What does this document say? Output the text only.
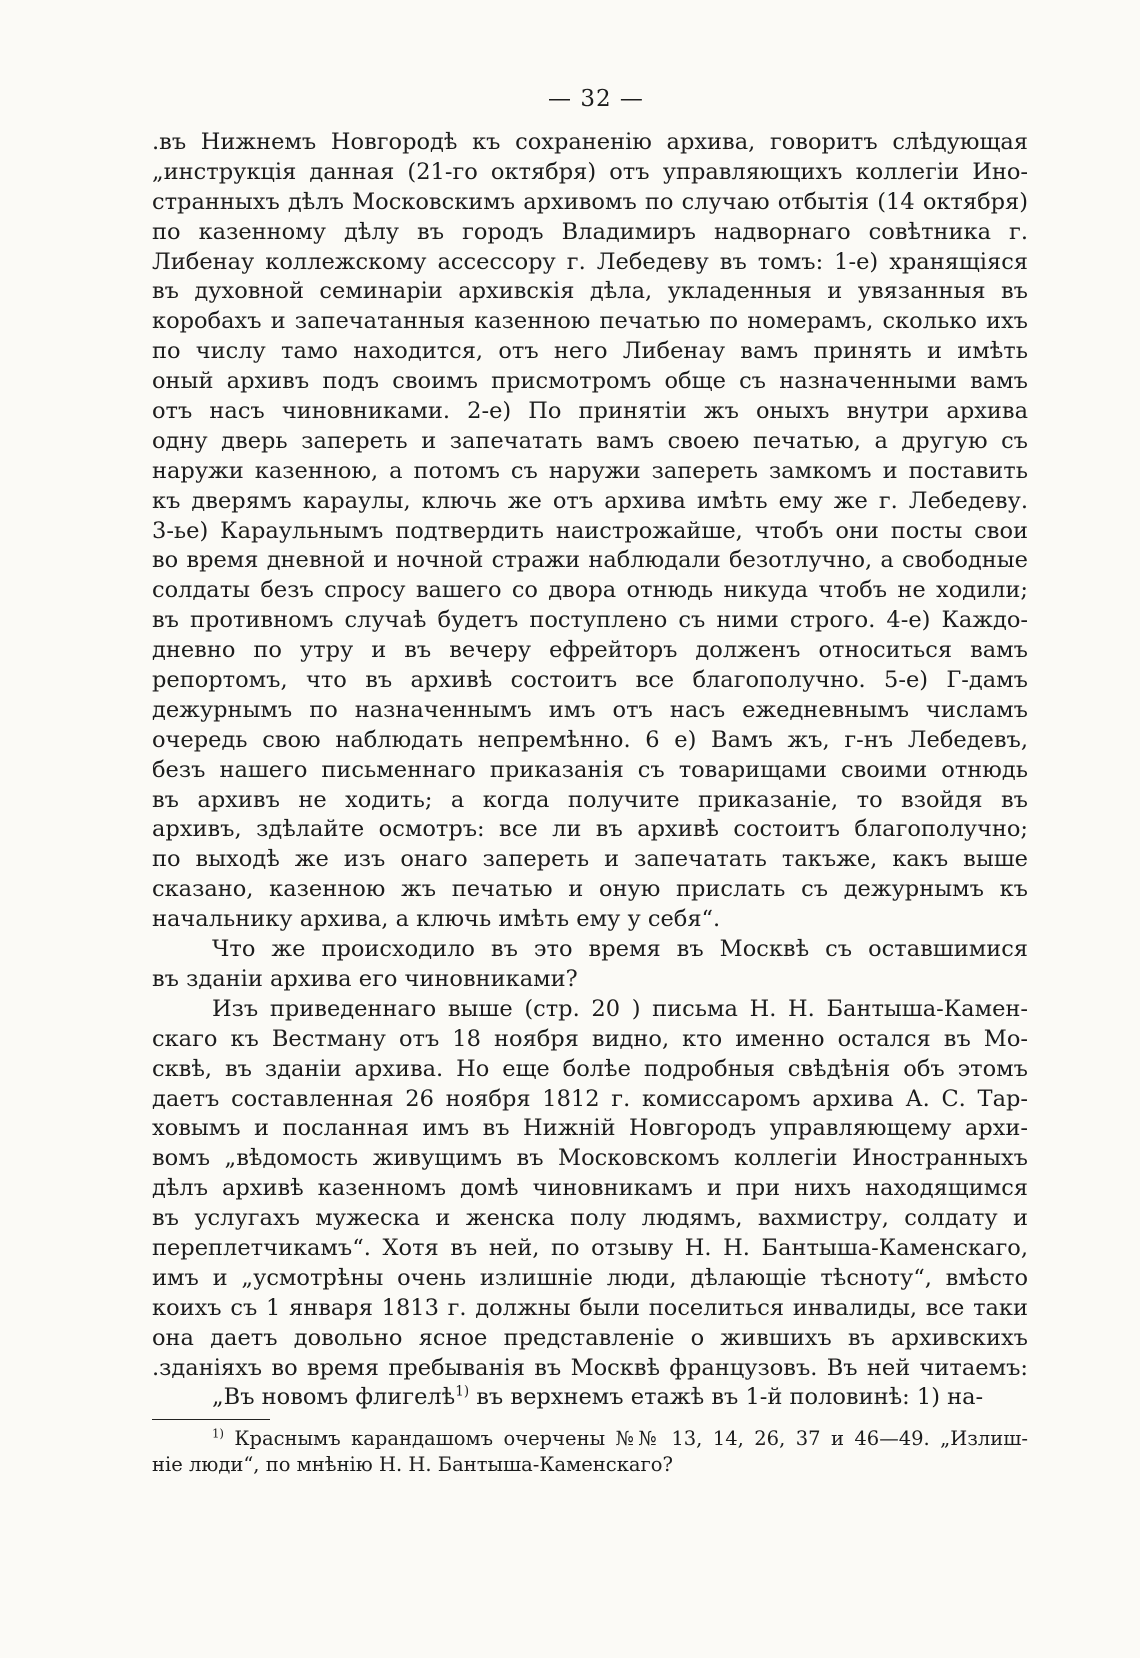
— 32 —
.въ Нижнемъ Новгородѣ къ сохраненію архива, говоритъ слѣдующая
„инструкція данная (21-го октября) отъ управляющихъ коллегіи Ино-
странныхъ дѣлъ Московскимъ архивомъ по случаю отбытія (14 октября)
по казенному дѣлу въ городъ Владимиръ надворнаго совѣтника г.
Либенау коллежскому ассессору г. Лебедеву въ томъ: 1-е) хранящіяся
въ духовной семинаріи архивскія дѣла, укладенныя и увязанныя въ
коробахъ и запечатанныя казенною печатью по номерамъ, сколько ихъ
по числу тамо находится, отъ него Либенау вамъ принять и имѣть
оный архивъ подъ своимъ присмотромъ обще съ назначенными вамъ
отъ насъ чиновниками. 2-е) По принятіи жъ оныхъ внутри архива
одну дверь запереть и запечатать вамъ своею печатью, а другую съ
наружи казенною, а потомъ съ наружи запереть замкомъ и поставить
къ дверямъ караулы, ключь же отъ архива имѣть ему же г. Лебедеву.
3-ье) Караульнымъ подтвердить наистрожайше, чтобъ они посты свои
во время дневной и ночной стражи наблюдали безотлучно, а свободные
солдаты безъ спросу вашего со двора отнюдь никуда чтобъ не ходили;
въ противномъ случаѣ будетъ поступлено съ ними строго. 4-е) Каждо-
дневно по утру и въ вечеру ефрейторъ долженъ относиться вамъ
репортомъ, что въ архивѣ состоитъ все благополучно. 5-е) Г-дамъ
дежурнымъ по назначеннымъ имъ отъ насъ ежедневнымъ числамъ
очередь свою наблюдать непремѣнно. 6 е) Вамъ жъ, г-нъ Лебедевъ,
безъ нашего письменнаго приказанія съ товарищами своими отнюдь
въ архивъ не ходить; а когда получите приказаніе, то взойдя въ
архивъ, здѣлайте осмотръ: все ли въ архивѣ состоитъ благополучно;
по выходѣ же изъ онаго запереть и запечатать такъже, какъ выше
сказано, казенною жъ печатью и оную прислать съ дежурнымъ къ
начальнику архива, а ключь имѣть ему у себя“.
Что же происходило въ это время въ Москвѣ съ оставшимися
въ зданіи архива его чиновниками?
Изъ приведеннаго выше (стр. 20 ) письма Н. Н. Бантыша-Камен-
скаго къ Вестману отъ 18 ноября видно, кто именно остался въ Мо-
сквѣ, въ зданіи архива. Но еще болѣе подробныя свѣдѣнія объ этомъ
даетъ составленная 26 ноября 1812 г. комиссаромъ архива А. С. Тар-
ховымъ и посланная имъ въ Нижній Новгородъ управляющему архи-
вомъ „вѣдомость живущимъ въ Московскомъ коллегіи Иностранныхъ
дѣлъ архивѣ казенномъ домѣ чиновникамъ и при нихъ находящимся
въ услугахъ мужеска и женска полу людямъ, вахмистру, солдату и
переплетчикамъ“. Хотя въ ней, по отзыву Н. Н. Бантыша-Каменскаго,
имъ и „усмотрѣны очень излишніе люди, дѣлающіе тѣсноту“, вмѣсто
коихъ съ 1 января 1813 г. должны были поселиться инвалиды, все таки
она даетъ довольно ясное представленіе о жившихъ въ архивскихъ
.зданіяхъ во время пребыванія въ Москвѣ французовъ. Въ ней читаемъ:
„Въ новомъ флигелѣ$^{1)}$ въ верхнемъ етажѣ въ 1-й половинѣ: 1) на-
$^{1)}$ Краснымъ карандашомъ очерчены №№ 13, 14, 26, 37 и 46—49. „Излиш-
ніе люди“, по мнѣнію Н. Н. Бантыша-Каменскаго?
